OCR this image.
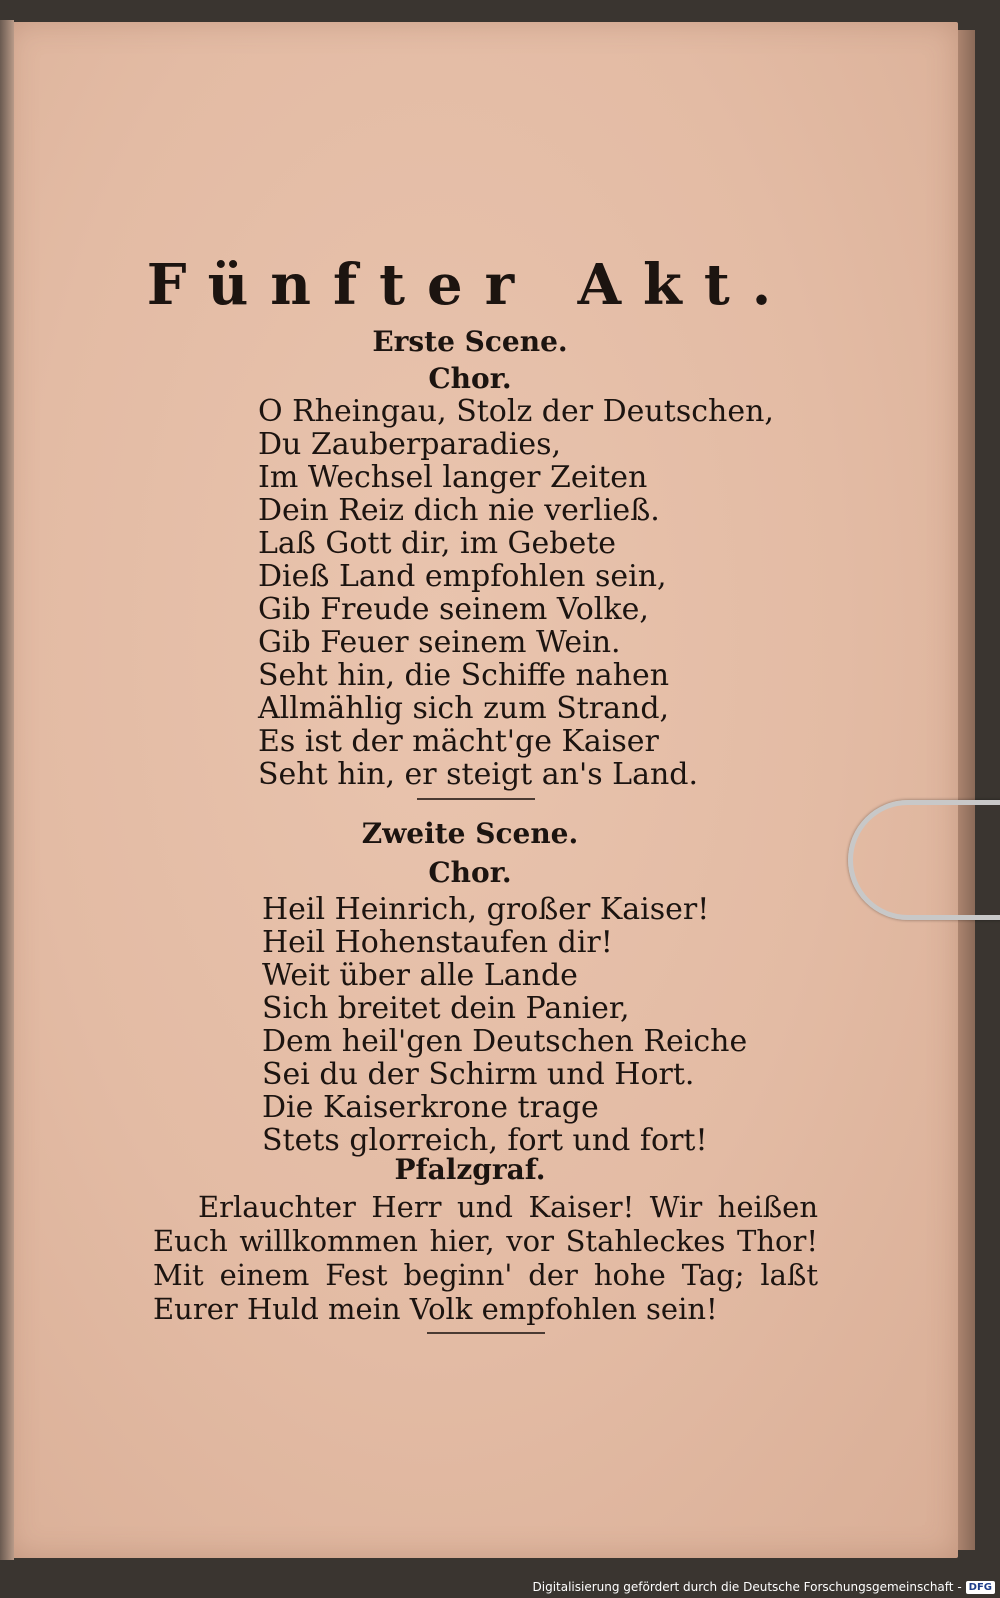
Fünfter Akt.
Erste Scene.
Chor.
O Rheingau, Stolz der Deutschen,
Du Zauberparadies,
Im Wechsel langer Zeiten
Dein Reiz dich nie verließ.
Laß Gott dir, im Gebete
Dieß Land empfohlen sein,
Gib Freude seinem Volke,
Gib Feuer seinem Wein.
Seht hin, die Schiffe nahen
Allmählig sich zum Strand,
Es ist der mächt'ge Kaiser
Seht hin, er steigt an's Land.
Zweite Scene.
Chor.
Heil Heinrich, großer Kaiser!
Heil Hohenstaufen dir!
Weit über alle Lande
Sich breitet dein Panier,
Dem heil'gen Deutschen Reiche
Sei du der Schirm und Hort.
Die Kaiserkrone trage
Stets glorreich, fort und fort!
Pfalzgraf.

Erlauchter Herr und Kaiser! Wir heißen Euch willkommen hier, vor Stahleckes Thor! Mit einem Fest beginn' der hohe Tag; laßt Eurer Huld mein Volk empfohlen sein!

Digitalisierung gefördert durch die Deutsche Forschungsgemeinschaft - DFG
